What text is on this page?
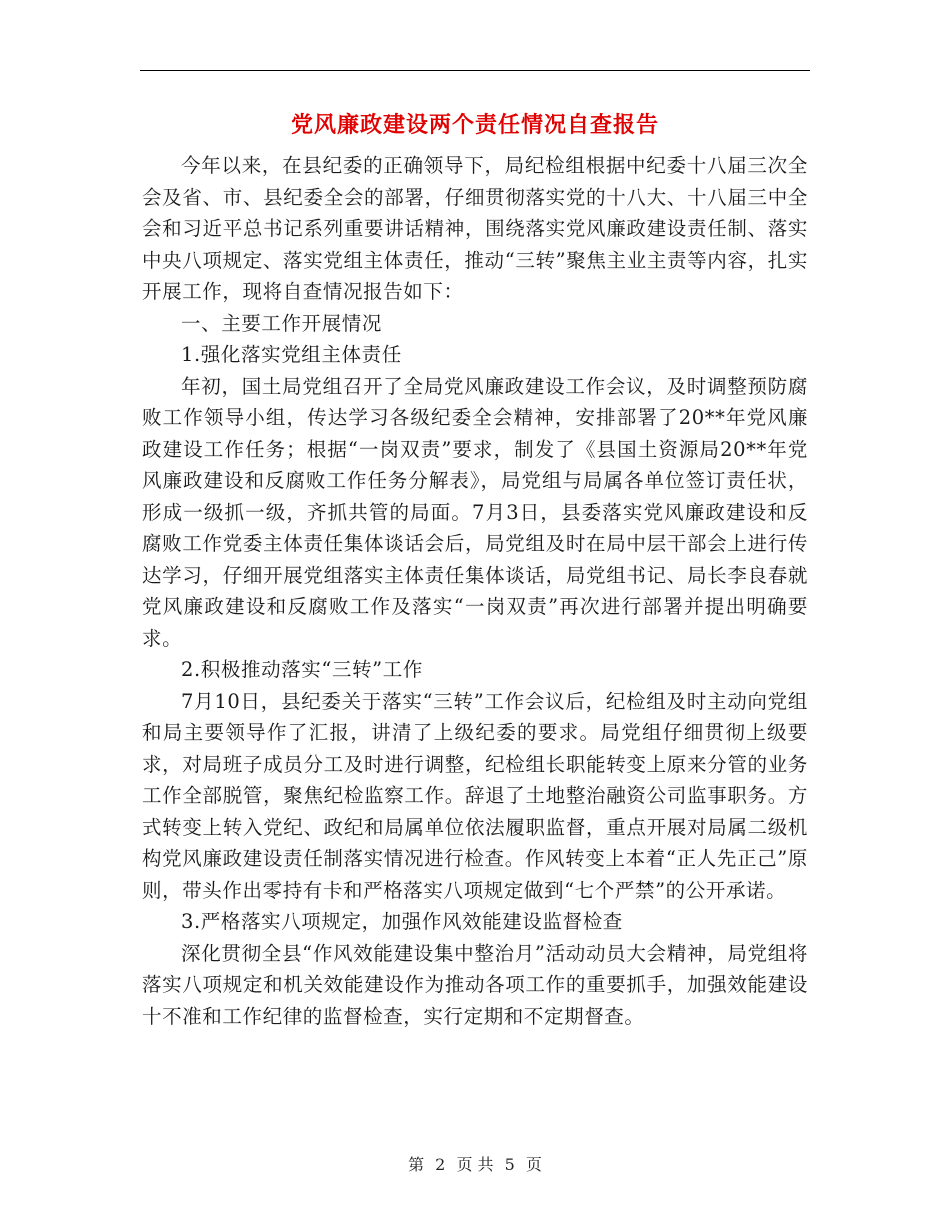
党风廉政建设两个责任情况自查报告

今年以来，在县纪委的正确领导下，局纪检组根据中纪委十八届三次全会及省、市、县纪委全会的部署，仔细贯彻落实党的十八大、十八届三中全会和习近平总书记系列重要讲话精神，围绕落实党风廉政建设责任制、落实中央八项规定、落实党组主体责任，推动“三转”聚焦主业主责等内容，扎实开展工作，现将自查情况报告如下：

一、主要工作开展情况

1.强化落实党组主体责任

年初，国土局党组召开了全局党风廉政建设工作会议，及时调整预防腐败工作领导小组，传达学习各级纪委全会精神，安排部署了20**年党风廉政建设工作任务；根据“一岗双责”要求，制发了《县国土资源局20**年党风廉政建设和反腐败工作任务分解表》，局党组与局属各单位签订责任状，形成一级抓一级，齐抓共管的局面。7月3日，县委落实党风廉政建设和反腐败工作党委主体责任集体谈话会后，局党组及时在局中层干部会上进行传达学习，仔细开展党组落实主体责任集体谈话，局党组书记、局长李良春就党风廉政建设和反腐败工作及落实“一岗双责”再次进行部署并提出明确要求。

2.积极推动落实“三转”工作

7月10日，县纪委关于落实“三转”工作会议后，纪检组及时主动向党组和局主要领导作了汇报，讲清了上级纪委的要求。局党组仔细贯彻上级要求，对局班子成员分工及时进行调整，纪检组长职能转变上原来分管的业务工作全部脱管，聚焦纪检监察工作。辞退了土地整治融资公司监事职务。方式转变上转入党纪、政纪和局属单位依法履职监督，重点开展对局属二级机构党风廉政建设责任制落实情况进行检查。作风转变上本着“正人先正己”原则，带头作出零持有卡和严格落实八项规定做到“七个严禁”的公开承诺。

3.严格落实八项规定，加强作风效能建设监督检查

深化贯彻全县“作风效能建设集中整治月”活动动员大会精神，局党组将落实八项规定和机关效能建设作为推动各项工作的重要抓手，加强效能建设十不准和工作纪律的监督检查，实行定期和不定期督查。

第 2 页 共 5 页
